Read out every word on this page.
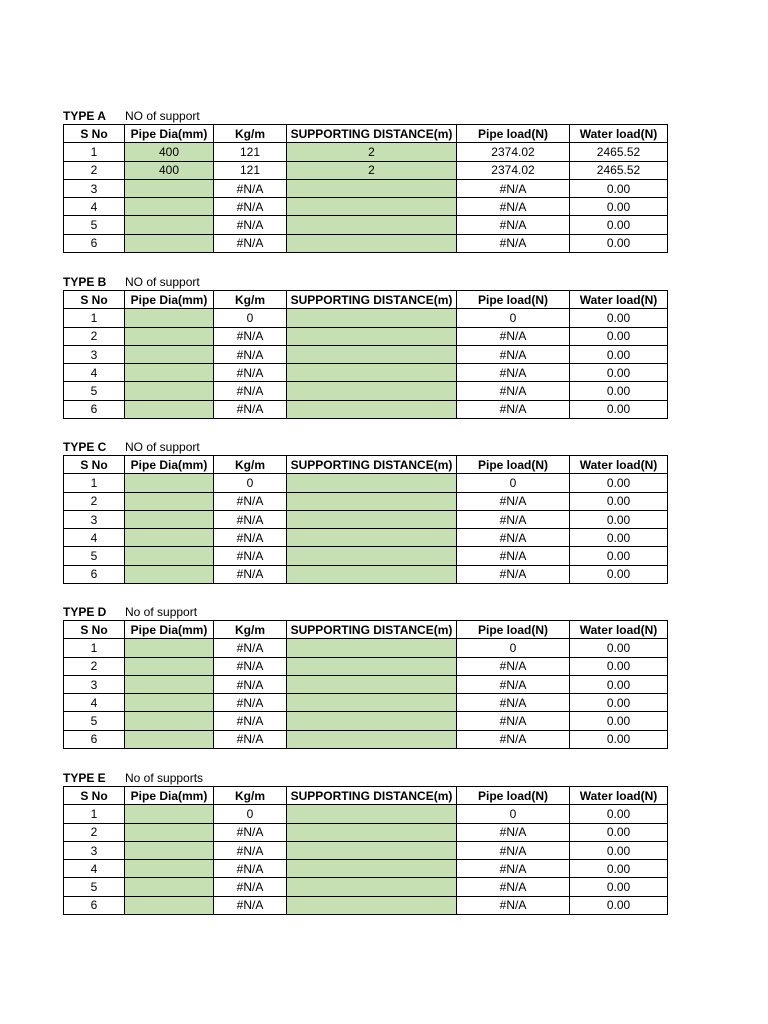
TYPE A NO of support
S No	Pipe Dia(mm)	Kg/m	SUPPORTING DISTANCE(m)	Pipe load(N)	Water load(N)
1	400	121	2	2374.02	2465.52
2	400	121	2	2374.02	2465.52
3		#N/A		#N/A	0.00
4		#N/A		#N/A	0.00
5		#N/A		#N/A	0.00
6		#N/A		#N/A	0.00
TYPE B NO of support
S No	Pipe Dia(mm)	Kg/m	SUPPORTING DISTANCE(m)	Pipe load(N)	Water load(N)
1		0		0	0.00
2		#N/A		#N/A	0.00
3		#N/A		#N/A	0.00
4		#N/A		#N/A	0.00
5		#N/A		#N/A	0.00
6		#N/A		#N/A	0.00
TYPE C NO of support
S No	Pipe Dia(mm)	Kg/m	SUPPORTING DISTANCE(m)	Pipe load(N)	Water load(N)
1		0		0	0.00
2		#N/A		#N/A	0.00
3		#N/A		#N/A	0.00
4		#N/A		#N/A	0.00
5		#N/A		#N/A	0.00
6		#N/A		#N/A	0.00
TYPE D No of support
S No	Pipe Dia(mm)	Kg/m	SUPPORTING DISTANCE(m)	Pipe load(N)	Water load(N)
1		#N/A		0	0.00
2		#N/A		#N/A	0.00
3		#N/A		#N/A	0.00
4		#N/A		#N/A	0.00
5		#N/A		#N/A	0.00
6		#N/A		#N/A	0.00
TYPE E No of supports
S No	Pipe Dia(mm)	Kg/m	SUPPORTING DISTANCE(m)	Pipe load(N)	Water load(N)
1		0		0	0.00
2		#N/A		#N/A	0.00
3		#N/A		#N/A	0.00
4		#N/A		#N/A	0.00
5		#N/A		#N/A	0.00
6		#N/A		#N/A	0.00
